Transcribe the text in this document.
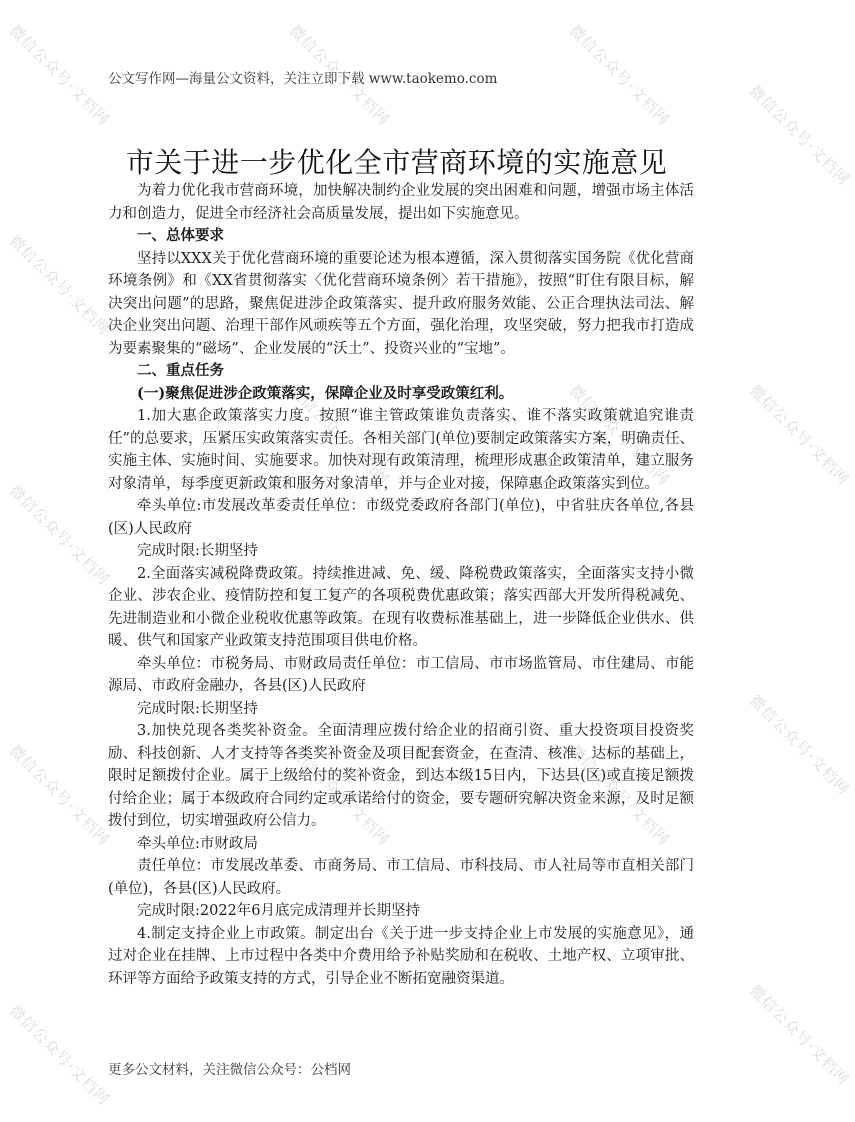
微信公众号·文档网	微信公众号·文档网	微信公众号·文档网
微信公众号·文档网
微信公众号·文档网
微信公众号·文档网
微信公众号·文档网
微信公众号·文档网	微信公众号·文档网
微信公众号·文档网	微信公众号·文档网	微信公众号·文档网	微信公众号·文档网
微信公众号·文档网
微信公众号·文档网
公文写作网—海量公文资料，关注立即下载 www.taokemo.com
市关于进一步优化全市营商环境的实施意见

为着力优化我市营商环境，加快解决制约企业发展的突出困难和问题，增强市场主体活力和创造力，促进全市经济社会高质量发展，提出如下实施意见。

一、总体要求

坚持以XXX关于优化营商环境的重要论述为根本遵循，深入贯彻落实国务院《优化营商环境条例》和《XX省贯彻落实〈优化营商环境条例〉若干措施》，按照“盯住有限目标，解决突出问题”的思路，聚焦促进涉企政策落实、提升政府服务效能、公正合理执法司法、解决企业突出问题、治理干部作风顽疾等五个方面，强化治理，攻坚突破，努力把我市打造成为要素聚集的“磁场”、企业发展的“沃土”、投资兴业的“宝地”。

二、重点任务

(一)聚焦促进涉企政策落实，保障企业及时享受政策红利。

1.加大惠企政策落实力度。按照“谁主管政策谁负责落实、谁不落实政策就追究谁责任”的总要求，压紧压实政策落实责任。各相关部门(单位)要制定政策落实方案，明确责任、实施主体、实施时间、实施要求。加快对现有政策清理，梳理形成惠企政策清单，建立服务对象清单，每季度更新政策和服务对象清单，并与企业对接，保障惠企政策落实到位。

牵头单位:市发展改革委责任单位：市级党委政府各部门(单位)，中省驻庆各单位,各县(区)人民政府

完成时限:长期坚持

2.全面落实减税降费政策。持续推进减、免、缓、降税费政策落实，全面落实支持小微企业、涉农企业、疫情防控和复工复产的各项税费优惠政策；落实西部大开发所得税减免、先进制造业和小微企业税收优惠等政策。在现有收费标准基础上，进一步降低企业供水、供暖、供气和国家产业政策支持范围项目供电价格。

牵头单位：市税务局、市财政局责任单位：市工信局、市市场监管局、市住建局、市能源局、市政府金融办，各县(区)人民政府

完成时限:长期坚持

3.加快兑现各类奖补资金。全面清理应拨付给企业的招商引资、重大投资项目投资奖励、科技创新、人才支持等各类奖补资金及项目配套资金，在查清、核准、达标的基础上，限时足额拨付企业。属于上级给付的奖补资金，到达本级15日内，下达县(区)或直接足额拨付给企业；属于本级政府合同约定或承诺给付的资金，要专题研究解决资金来源，及时足额拨付到位，切实增强政府公信力。

牵头单位:市财政局

责任单位：市发展改革委、市商务局、市工信局、市科技局、市人社局等市直相关部门(单位)，各县(区)人民政府。

完成时限:2022年6月底完成清理并长期坚持

4.制定支持企业上市政策。制定出台《关于进一步支持企业上市发展的实施意见》，通过对企业在挂牌、上市过程中各类中介费用给予补贴奖励和在税收、土地产权、立项审批、环评等方面给予政策支持的方式，引导企业不断拓宽融资渠道。

更多公文材料，关注微信公众号：公档网
